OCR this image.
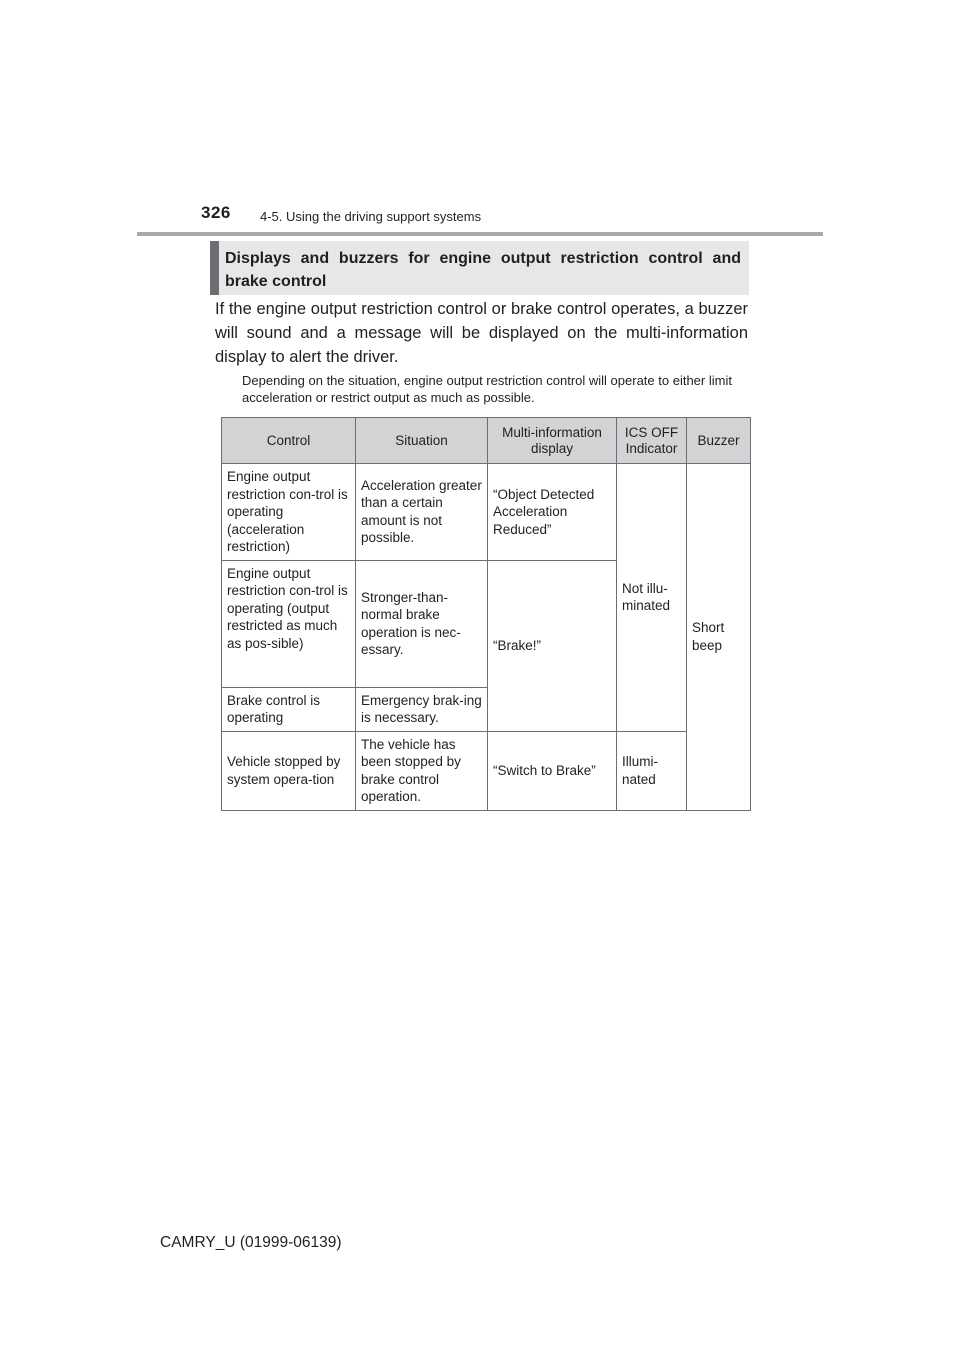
326 4-5. Using the driving support systems
Displays and buzzers for engine output restriction control and brake control

If the engine output restriction control or brake control operates, a buzzer will sound and a message will be displayed on the multi-information display to alert the driver.

Depending on the situation, engine output restriction control will operate to either limit acceleration or restrict output as much as possible.

Control	Situation	Multi-information display	ICS OFF Indicator	Buzzer
Engine output restriction con-trol is operating (acceleration restriction)	Acceleration greater than a certain amount is not possible.	“Object Detected Acceleration Reduced”	Not illu-minated	Short beep
Engine output restriction con-trol is operating (output restricted as much as pos-sible)	Stronger-than-normal brake operation is nec-essary.	“Brake!”		
Brake control is operating	Emergency brak-ing is necessary.			
Vehicle stopped by system opera-tion	The vehicle has been stopped by brake control operation.	“Switch to Brake”	Illumi-nated	
CAMRY_U (01999-06139)
